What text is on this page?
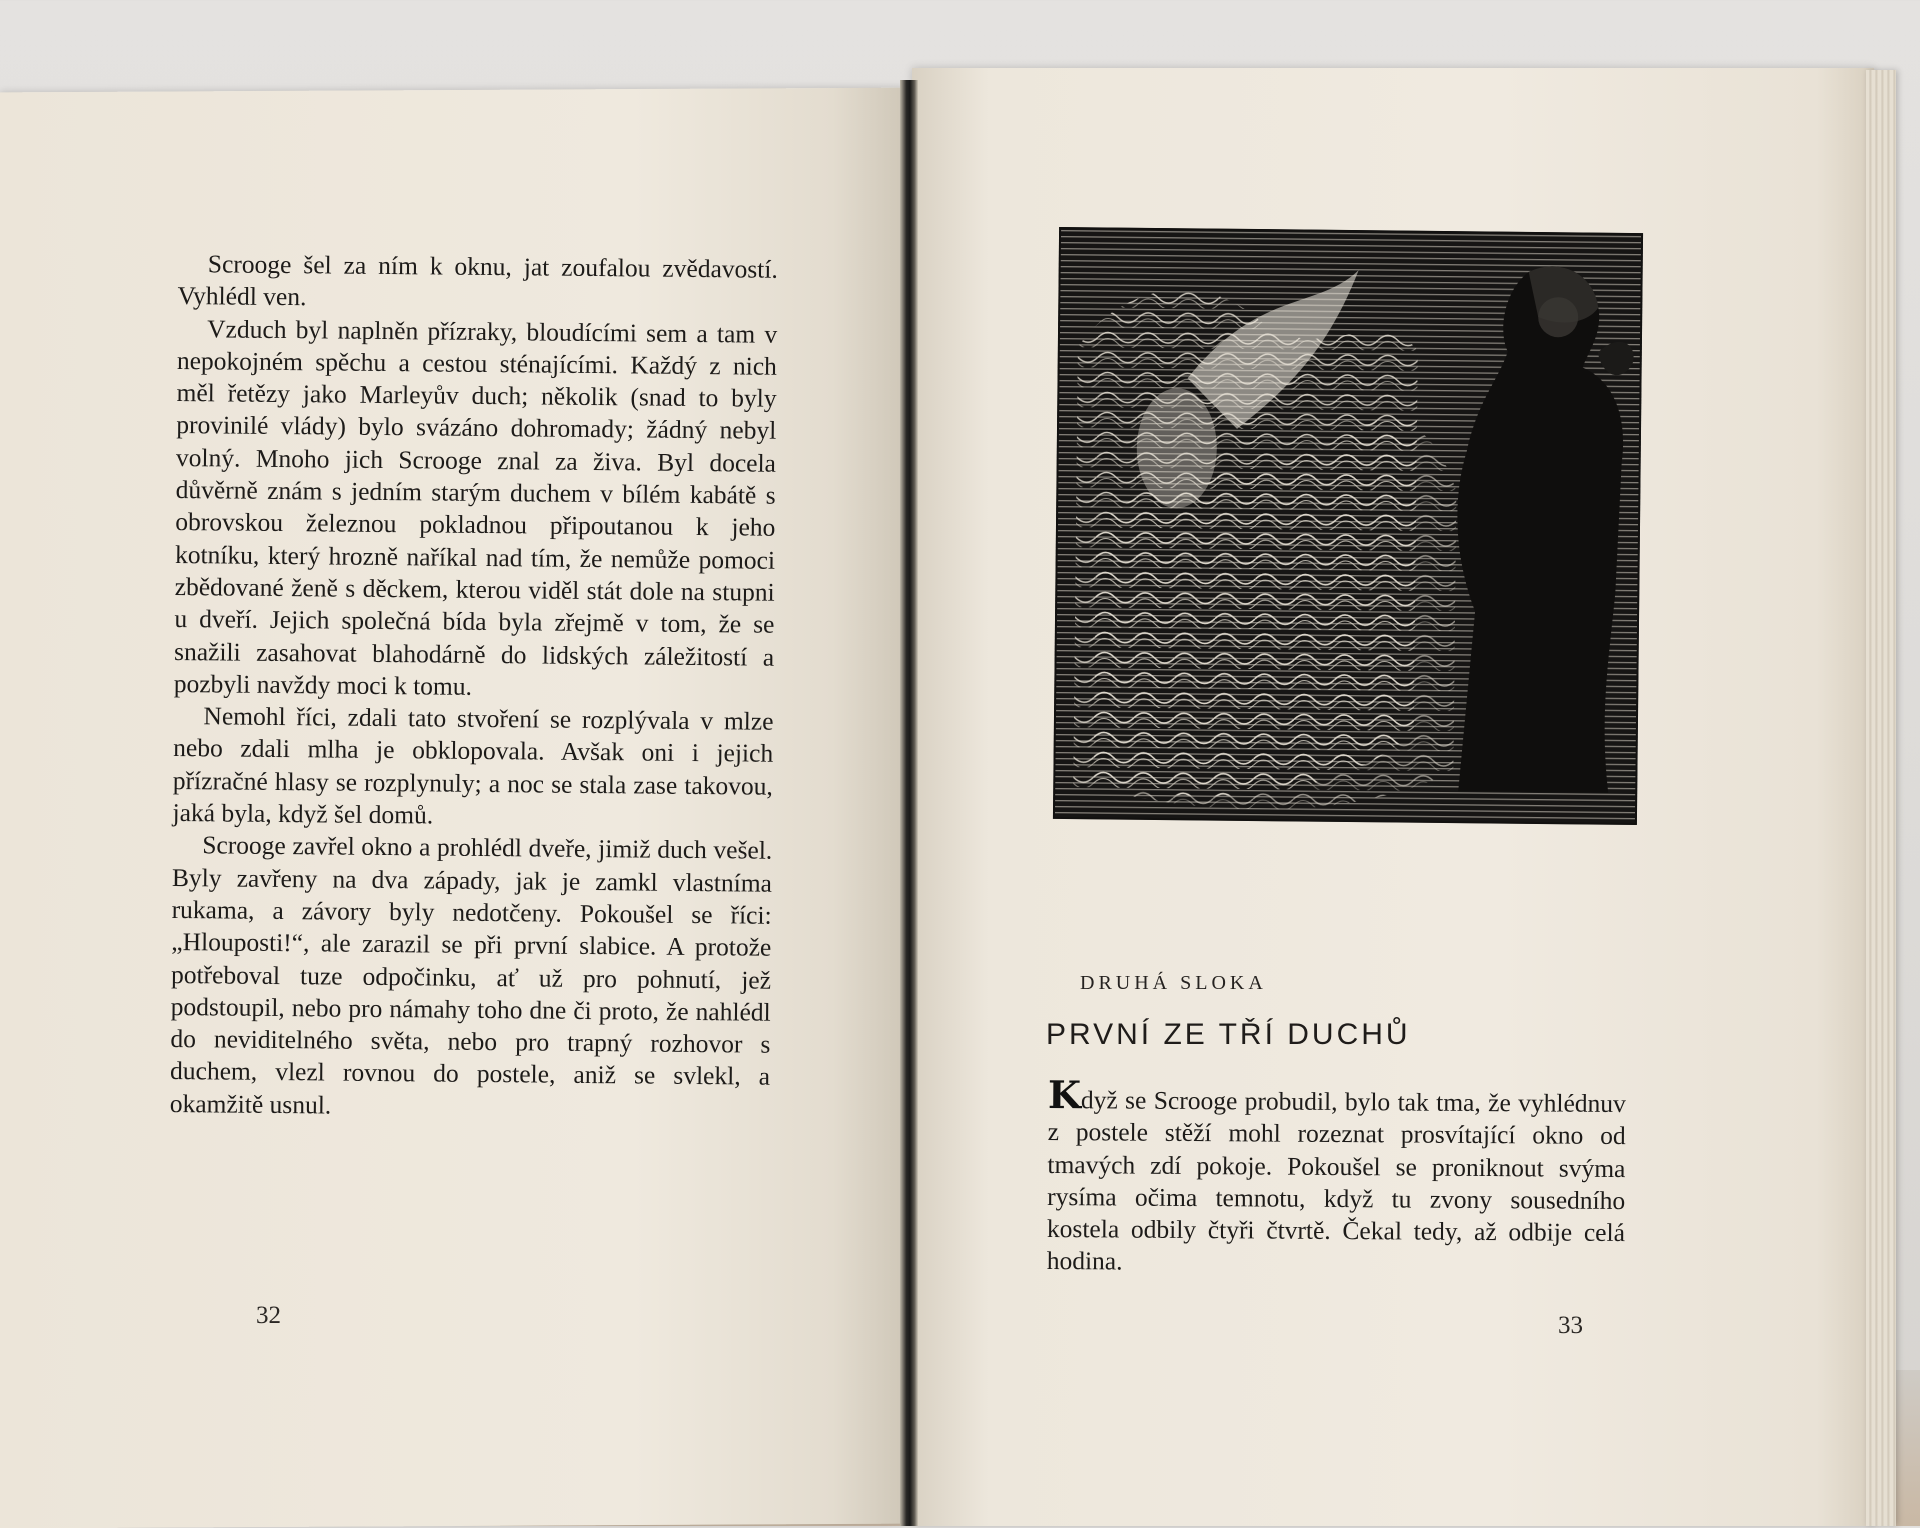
Scrooge šel za ním k oknu, jat zoufalou zvědavostí. Vyhlédl ven.

Vzduch byl naplněn přízraky, bloudícími sem a tam v nepokojném spěchu a cestou sténajícími. Každý z nich měl řetězy jako Marleyův duch; několik (snad to byly provinilé vlády) bylo svázáno dohromady; žádný nebyl volný. Mnoho jich Scrooge znal za živa. Byl docela důvěrně znám s jedním starým duchem v bílém kabátě s obrovskou železnou pokladnou připoutanou k jeho kotníku, který hrozně naříkal nad tím, že nemůže pomoci zbědované ženě s děckem, kterou viděl stát dole na stupni u dveří. Jejich společná bída byla zřejmě v tom, že se snažili zasahovat blahodárně do lidských záležitostí a pozbyli navždy moci k tomu.

Nemohl říci, zdali tato stvoření se rozplývala v mlze nebo zdali mlha je obklopovala. Avšak oni i jejich přízračné hlasy se rozplynuly; a noc se stala zase takovou, jaká byla, když šel domů.

Scrooge zavřel okno a prohlédl dveře, jimiž duch vešel. Byly zavřeny na dva západy, jak je zamkl vlastníma rukama, a závory byly nedotčeny. Pokoušel se říci: „Hlouposti!“, ale zarazil se při první slabice. A protože potřeboval tuze odpočinku, ať už pro pohnutí, jež podstoupil, nebo pro námahy toho dne či proto, že nahlédl do neviditelného světa, nebo pro trapný rozhovor s duchem, vlezl rovnou do postele, aniž se svlekl, a okamžitě usnul.

32
DRUHÁ SLOKA
PRVNÍ ZE TŘÍ DUCHŮ

Když se Scrooge probudil, bylo tak tma, že vyhlédnuv z postele stěží mohl rozeznat prosvítající okno od tmavých zdí pokoje. Pokoušel se proniknout svýma rysíma očima temnotu, když tu zvony sousedního kostela odbily čtyři čtvrtě. Čekal tedy, až odbije celá hodina.

33
